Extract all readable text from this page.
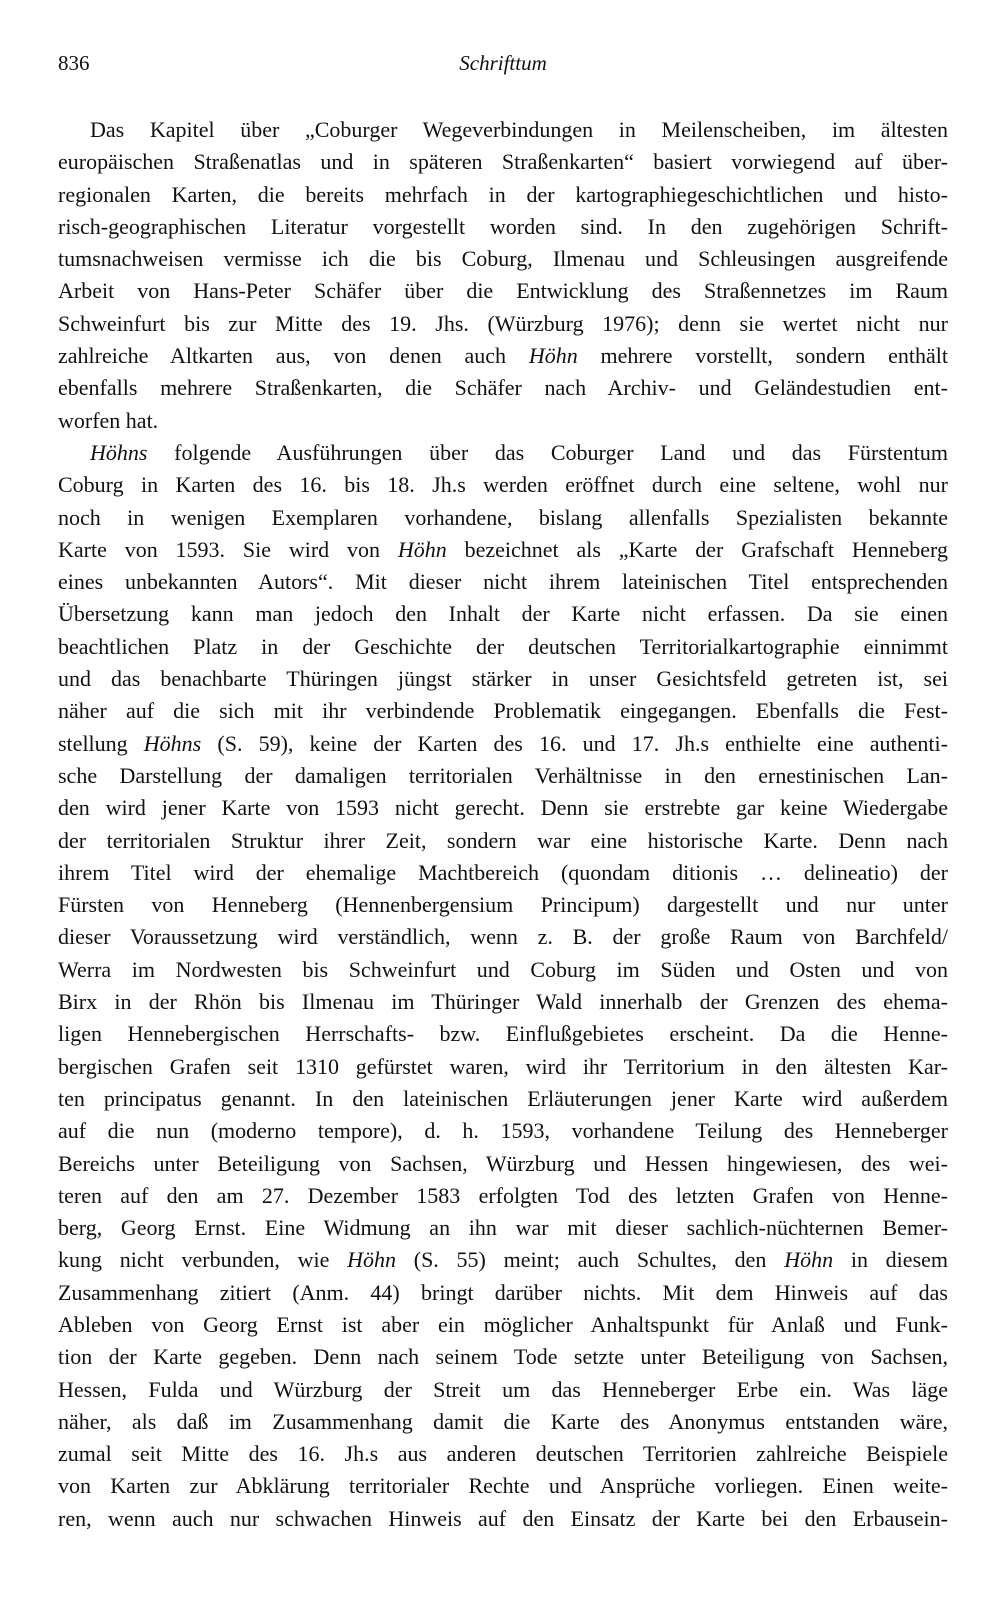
836	Schrifttum
Das Kapitel über „Coburger Wegeverbindungen in Meilenscheiben, im ältesten
europäischen Straßenatlas und in späteren Straßenkarten“ basiert vorwiegend auf über-
regionalen Karten, die bereits mehrfach in der kartographiegeschichtlichen und histo-
risch-geographischen Literatur vorgestellt worden sind. In den zugehörigen Schrift-
tumsnachweisen vermisse ich die bis Coburg, Ilmenau und Schleusingen ausgreifende
Arbeit von Hans-Peter Schäfer über die Entwicklung des Straßennetzes im Raum
Schweinfurt bis zur Mitte des 19. Jhs. (Würzburg 1976); denn sie wertet nicht nur
zahlreiche Altkarten aus, von denen auch Höhn mehrere vorstellt, sondern enthält
ebenfalls mehrere Straßenkarten, die Schäfer nach Archiv- und Geländestudien ent-
worfen hat.
Höhns folgende Ausführungen über das Coburger Land und das Fürstentum
Coburg in Karten des 16. bis 18. Jh.s werden eröffnet durch eine seltene, wohl nur
noch in wenigen Exemplaren vorhandene, bislang allenfalls Spezialisten bekannte
Karte von 1593. Sie wird von Höhn bezeichnet als „Karte der Grafschaft Henneberg
eines unbekannten Autors“. Mit dieser nicht ihrem lateinischen Titel entsprechenden
Übersetzung kann man jedoch den Inhalt der Karte nicht erfassen. Da sie einen
beachtlichen Platz in der Geschichte der deutschen Territorialkartographie einnimmt
und das benachbarte Thüringen jüngst stärker in unser Gesichtsfeld getreten ist, sei
näher auf die sich mit ihr verbindende Problematik eingegangen. Ebenfalls die Fest-
stellung Höhns (S. 59), keine der Karten des 16. und 17. Jh.s enthielte eine authenti-
sche Darstellung der damaligen territorialen Verhältnisse in den ernestinischen Lan-
den wird jener Karte von 1593 nicht gerecht. Denn sie erstrebte gar keine Wiedergabe
der territorialen Struktur ihrer Zeit, sondern war eine historische Karte. Denn nach
ihrem Titel wird der ehemalige Machtbereich (quondam ditionis … delineatio) der
Fürsten von Henneberg (Hennenbergensium Principum) dargestellt und nur unter
dieser Voraussetzung wird verständlich, wenn z. B. der große Raum von Barchfeld/
Werra im Nordwesten bis Schweinfurt und Coburg im Süden und Osten und von
Birx in der Rhön bis Ilmenau im Thüringer Wald innerhalb der Grenzen des ehema-
ligen Hennebergischen Herrschafts- bzw. Einflußgebietes erscheint. Da die Henne-
bergischen Grafen seit 1310 gefürstet waren, wird ihr Territorium in den ältesten Kar-
ten principatus genannt. In den lateinischen Erläuterungen jener Karte wird außerdem
auf die nun (moderno tempore), d. h. 1593, vorhandene Teilung des Henneberger
Bereichs unter Beteiligung von Sachsen, Würzburg und Hessen hingewiesen, des wei-
teren auf den am 27. Dezember 1583 erfolgten Tod des letzten Grafen von Henne-
berg, Georg Ernst. Eine Widmung an ihn war mit dieser sachlich-nüchternen Bemer-
kung nicht verbunden, wie Höhn (S. 55) meint; auch Schultes, den Höhn in diesem
Zusammenhang zitiert (Anm. 44) bringt darüber nichts. Mit dem Hinweis auf das
Ableben von Georg Ernst ist aber ein möglicher Anhaltspunkt für Anlaß und Funk-
tion der Karte gegeben. Denn nach seinem Tode setzte unter Beteiligung von Sachsen,
Hessen, Fulda und Würzburg der Streit um das Henneberger Erbe ein. Was läge
näher, als daß im Zusammenhang damit die Karte des Anonymus entstanden wäre,
zumal seit Mitte des 16. Jh.s aus anderen deutschen Territorien zahlreiche Beispiele
von Karten zur Abklärung territorialer Rechte und Ansprüche vorliegen. Einen weite-
ren, wenn auch nur schwachen Hinweis auf den Einsatz der Karte bei den Erbausein-
